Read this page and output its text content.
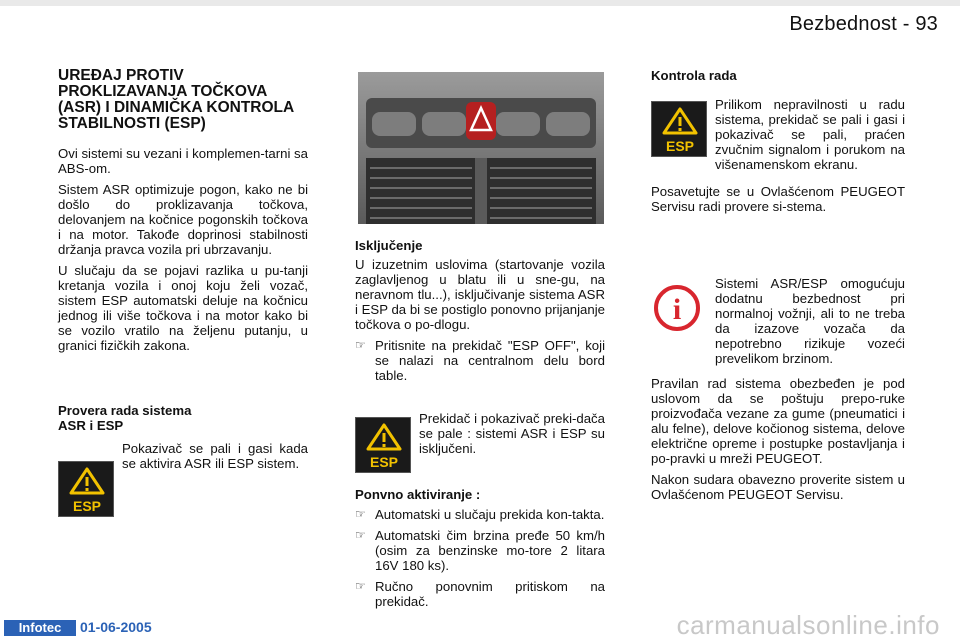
Bezbednost - 93
UREĐAJ PROTIV PROKLIZAVANJA TOČKOVA (ASR) I DINAMIČKA KONTROLA STABILNOSTI (ESP)

Ovi sistemi su vezani i komplemen-tarni sa ABS-om.

Sistem ASR optimizuje pogon, kako ne bi došlo do proklizavanja točkova, delovanjem na kočnice pogonskih točkova i na motor. Takođe doprinosi stabilnosti držanja pravca vozila pri ubrzavanju.

U slučaju da se pojavi razlika u pu-tanji kretanja vozila i onoj koju želi vozač, sistem ESP automatski deluje na kočnicu jednog ili više točkova i na motor kako bi se vozilo vratilo na željenu putanju, u granici fizičkih zakona.

Provera rada sistema ASR i ESP
ESP

Pokazivač se pali i gasi kada se aktivira ASR ili ESP sistem.

Isključenje

U izuzetnim uslovima (startovanje vozila zaglavljenog u blatu ili u sne-gu, na neravnom tlu...), isključivanje sistema ASR i ESP da bi se postiglo ponovno prijanjanje točkova o po-dlogu.

☞ Pritisnite na prekidač "ESP OFF", koji se nalazi na centralnom delu bord table.
ESP

Prekidač i pokazivač preki-dača se pale : sistemi ASR i ESP su isključeni.

Ponvno aktiviranje :
☞ Automatski u slučaju prekida kon-takta.
☞ Automatski čim brzina pređe 50 km/h (osim za benzinske mo-tore 2 litara 16V 180 ks).
☞ Ručno ponovnim pritiskom na prekidač.
Kontrola rada
ESP

Prilikom nepravilnosti u radu sistema, prekidač se pali i gasi i pokazivač se pali, praćen zvučnim signalom i porukom na višenamenskom ekranu.

Posavetujte se u Ovlašćenom PEUGEOT Servisu radi provere si-stema.

i

Sistemi ASR/ESP omogućuju dodatnu bezbednost pri normalnoj vožnji, ali to ne treba da izazove vozača da nepotrebno rizikuje vozeći prevelikom brzinom.

Pravilan rad sistema obezbeđen je pod uslovom da se poštuju prepo-ruke proizvođača vezane za gume (pneumatici i alu felne), delove kočionog sistema, delove električne opreme i postupke postavljanja i po-pravki u mreži PEUGEOT.

Nakon sudara obavezno proverite sistem u Ovlašćenom PEUGEOT Servisu.

Infotec	01-06-2005	carmanualsonline.info
